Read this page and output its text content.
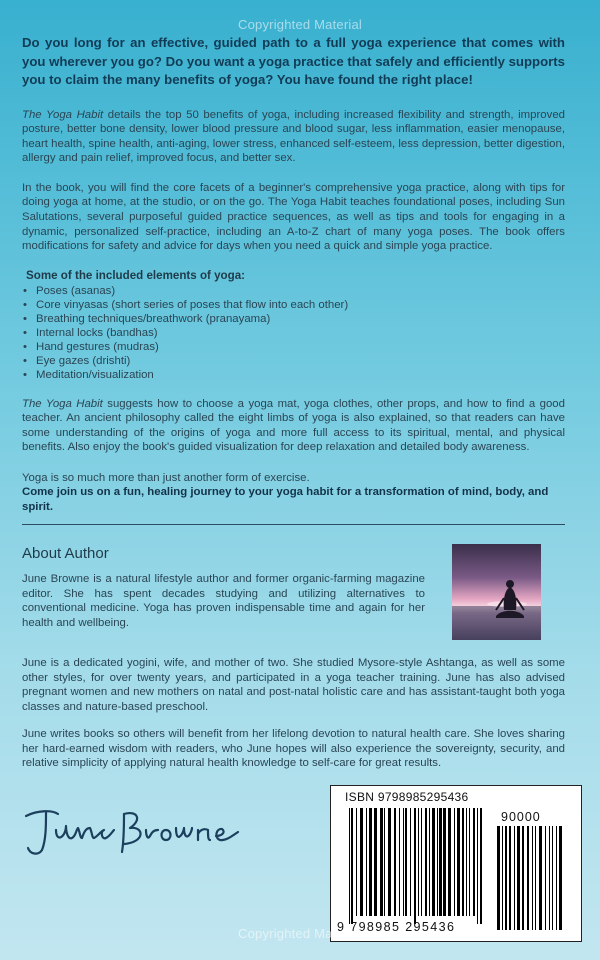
Copyrighted Material

Do you long for an effective, guided path to a full yoga experience that comes with you wherever you go? Do you want a yoga practice that safely and efficiently supports you to claim the many benefits of yoga? You have found the right place!

The Yoga Habit details the top 50 benefits of yoga, including increased flexibility and strength, improved posture, better bone density, lower blood pressure and blood sugar, less inflammation, easier menopause, heart health, spine health, anti-aging, lower stress, enhanced self-esteem, less depression, better digestion, allergy and pain relief, improved focus, and better sex.

In the book, you will find the core facets of a beginner's comprehensive yoga practice, along with tips for doing yoga at home, at the studio, or on the go. The Yoga Habit teaches foundational poses, including Sun Salutations, several purposeful guided practice sequences, as well as tips and tools for engaging in a dynamic, personalized self-practice, including an A-to-Z chart of many yoga poses. The book offers modifications for safety and advice for days when you need a quick and simple yoga practice.

Some of the included elements of yoga:
• Poses (asanas)
• Core vinyasas (short series of poses that flow into each other)
• Breathing techniques/breathwork (pranayama)
• Internal locks (bandhas)
• Hand gestures (mudras)
• Eye gazes (drishti)
• Meditation/visualization

The Yoga Habit suggests how to choose a yoga mat, yoga clothes, other props, and how to find a good teacher. An ancient philosophy called the eight limbs of yoga is also explained, so that readers can have some understanding of the origins of yoga and more full access to its spiritual, mental, and physical benefits. Also enjoy the book's guided visualization for deep relaxation and detailed body awareness.

Yoga is so much more than just another form of exercise.

Come join us on a fun, healing journey to your yoga habit for a transformation of mind, body, and spirit.

About Author

June Browne is a natural lifestyle author and former organic-farming magazine editor. She has spent decades studying and utilizing alternatives to conventional medicine. Yoga has proven indispensable time and again for her health and wellbeing.

June is a dedicated yogini, wife, and mother of two. She studied Mysore-style Ashtanga, as well as some other styles, for over twenty years, and participated in a yoga teacher training. June has also advised pregnant women and new mothers on natal and post-natal holistic care and has assistant-taught both yoga classes and nature-based preschool.

June writes books so others will benefit from her lifelong devotion to natural health care. She loves sharing her hard-earned wisdom with readers, who June hopes will also experience the sovereignty, security, and relative simplicity of applying natural health knowledge to self-care for great results.

ISBN 9798985295436
90000
9 798985 295436
Copyrighted Material
